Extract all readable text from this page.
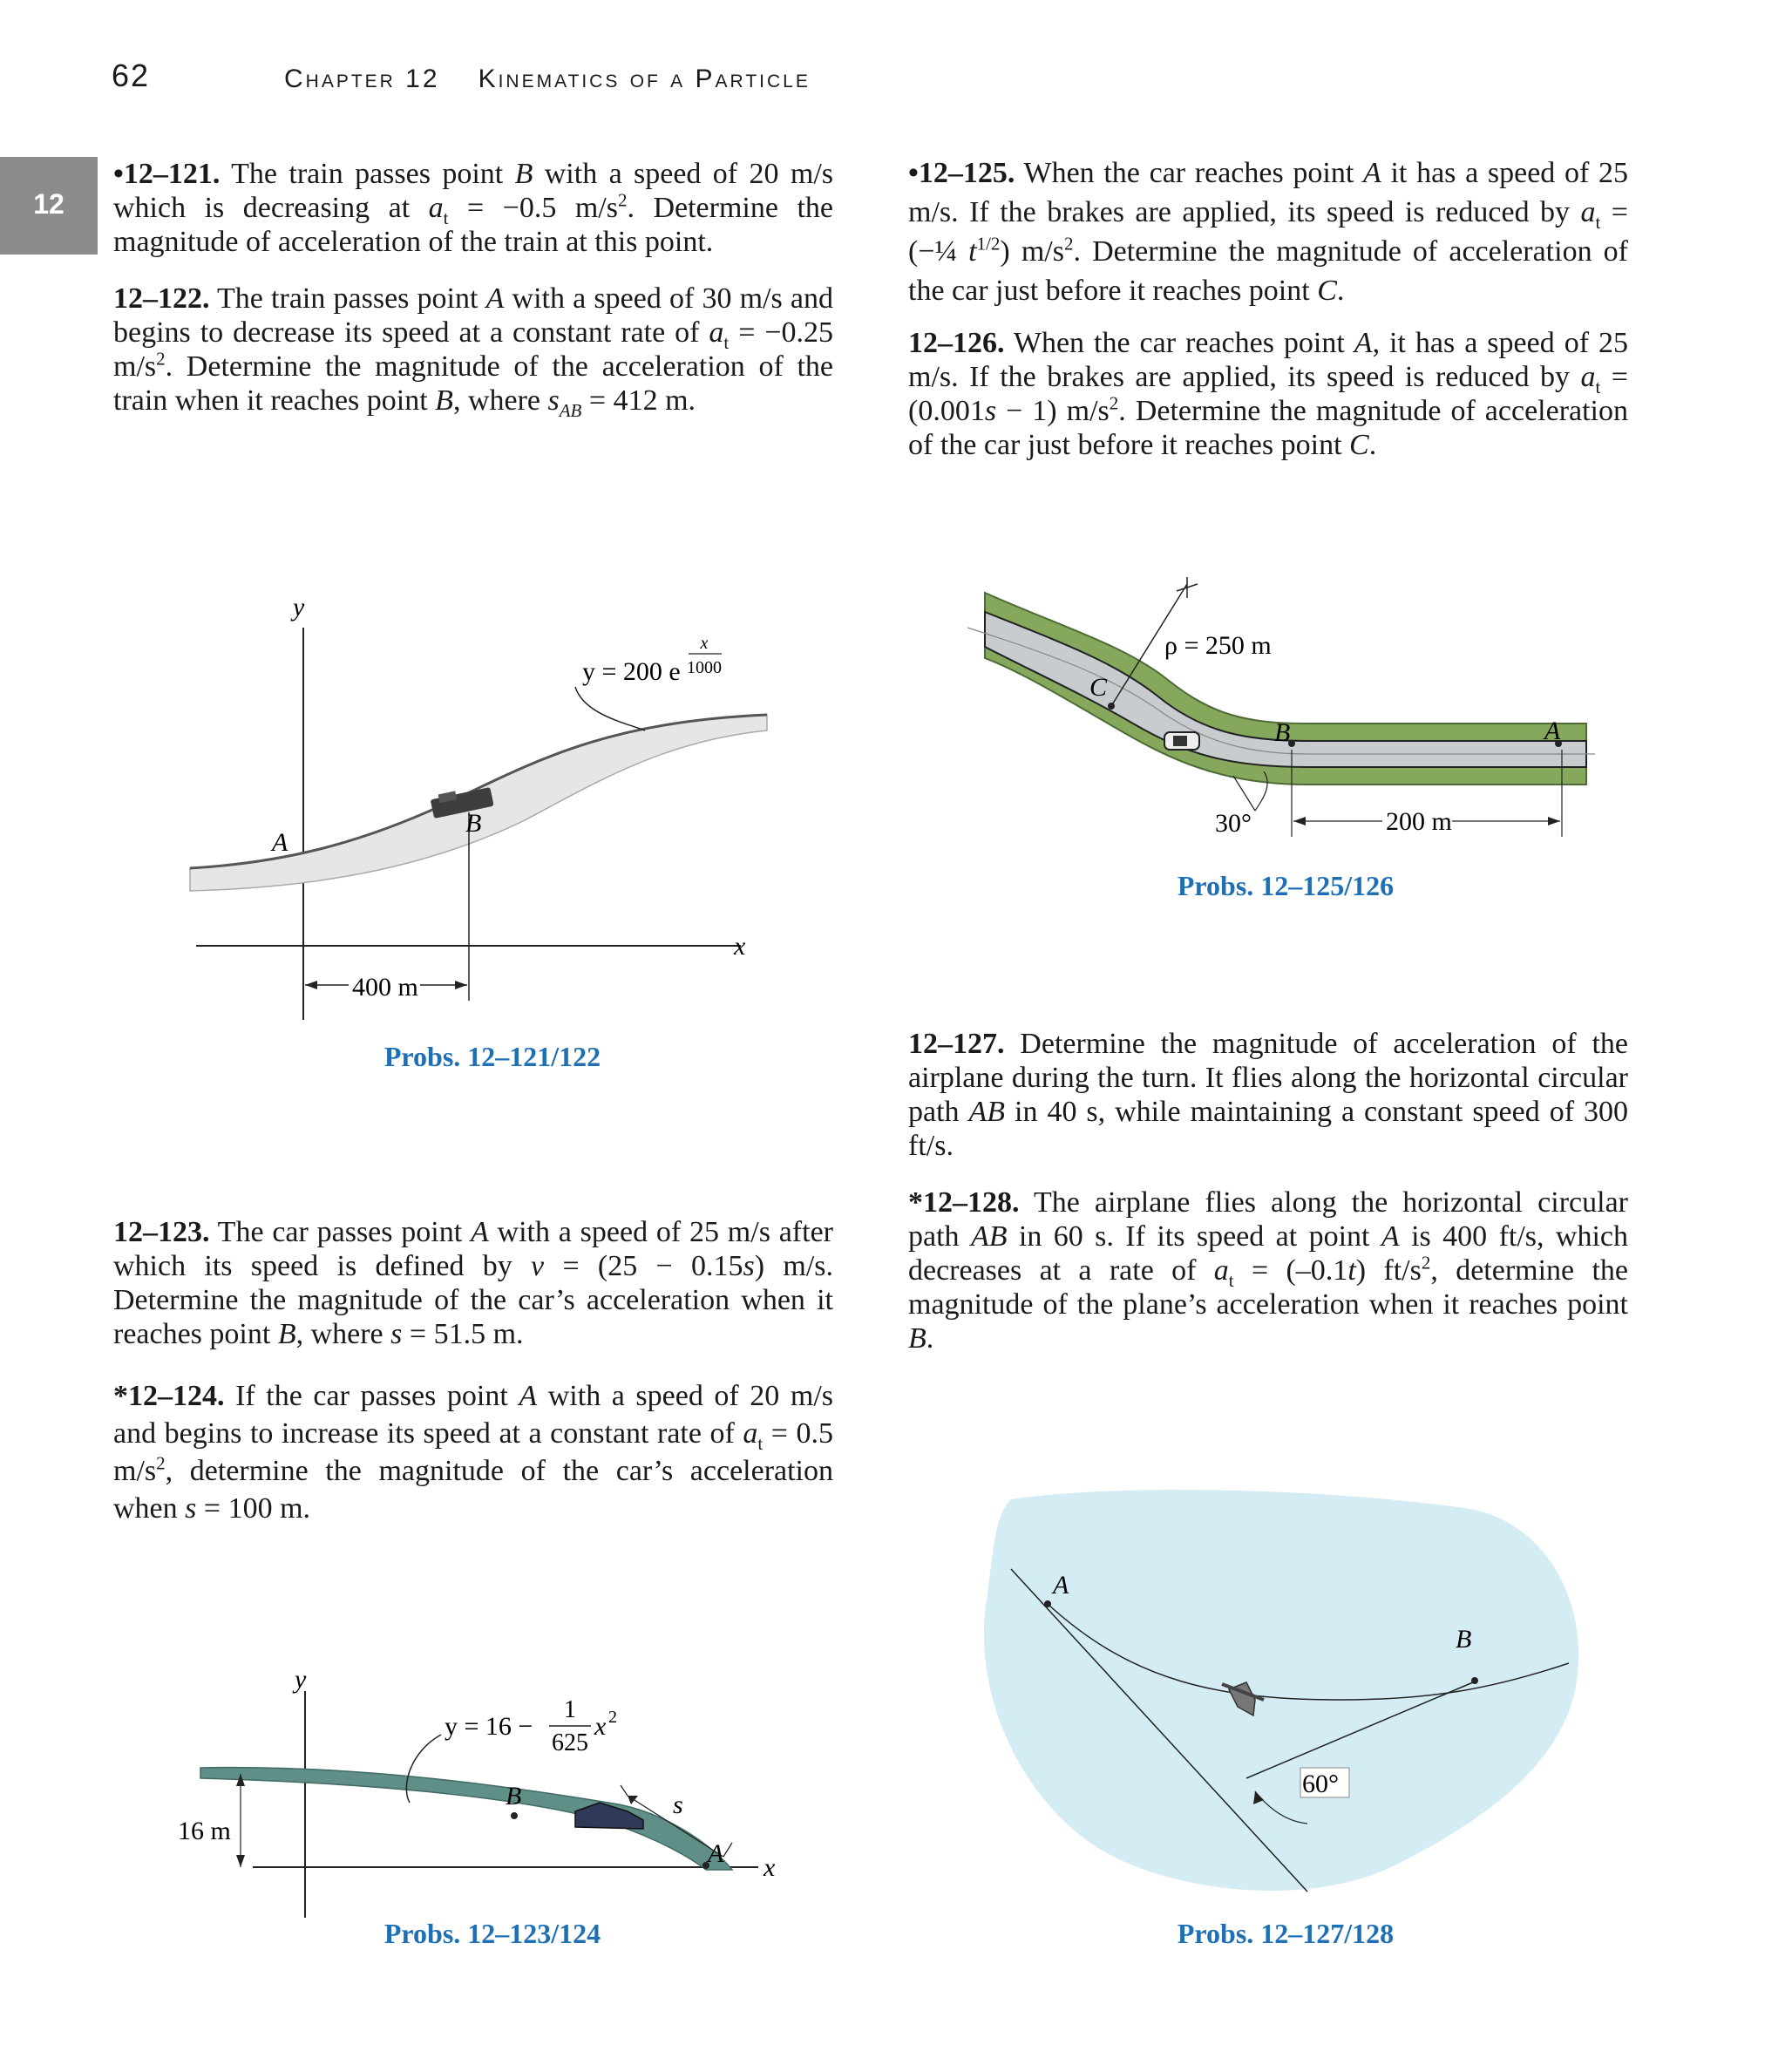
62	Chapter 12 Kinematics of a Particle
12
•12–121. The train passes point B with a speed of 20 m/s which is decreasing at $a_t = -0.5$ $m/s^2$. Determine the magnitude of acceleration of the train at this point.
12–122. The train passes point A with a speed of 30 m/s and begins to decrease its speed at a constant rate of $a_t = -0.25$ $m/s^2$. Determine the magnitude of the acceleration of the train when it reaches point B, where $s_{AB} = 412$ m.
12–123. The car passes point A with a speed of 25 m/s after which its speed is defined by v = (25 − 0.15s) m/s. Determine the magnitude of the car’s acceleration when it reaches point B, where s = 51.5 m.
*12–124. If the car passes point A with a speed of 20 m/s and begins to increase its speed at a constant rate of $a_t = 0.5$ $m/s^2$, determine the magnitude of the car’s acceleration when s = 100 m.
•12–125. When the car reaches point A it has a speed of 25 m/s. If the brakes are applied, its speed is reduced by $a_t$ = (−¼ $t^{1/2}$) $m/s^2$. Determine the magnitude of acceleration of the car just before it reaches point C.
12–126. When the car reaches point A, it has a speed of 25 m/s. If the brakes are applied, its speed is reduced by $a_t = (0.001s - 1)$ $m/s^2$. Determine the magnitude of acceleration of the car just before it reaches point C.
12–127. Determine the magnitude of acceleration of the airplane during the turn. It flies along the horizontal circular path AB in 40 s, while maintaining a constant speed of 300 ft/s.
*12–128. The airplane flies along the horizontal circular path AB in 60 s. If its speed at point A is 400 ft/s, which decreases at a rate of $a_t = (-0.1t)$ $ft/s^2$, determine the magnitude of the plane’s acceleration when it reaches point B.
400 m
y
x
A
B
y = 200 e
x
1000
200 m
30°
ρ = 250 m
C
B	A
16 m
s
B
A
y
x
y = 16 −
1
625
x 2
A
B
60°
Probs. 12–121/122
Probs. 12–125/126
Probs. 12–123/124	Probs. 12–127/128
